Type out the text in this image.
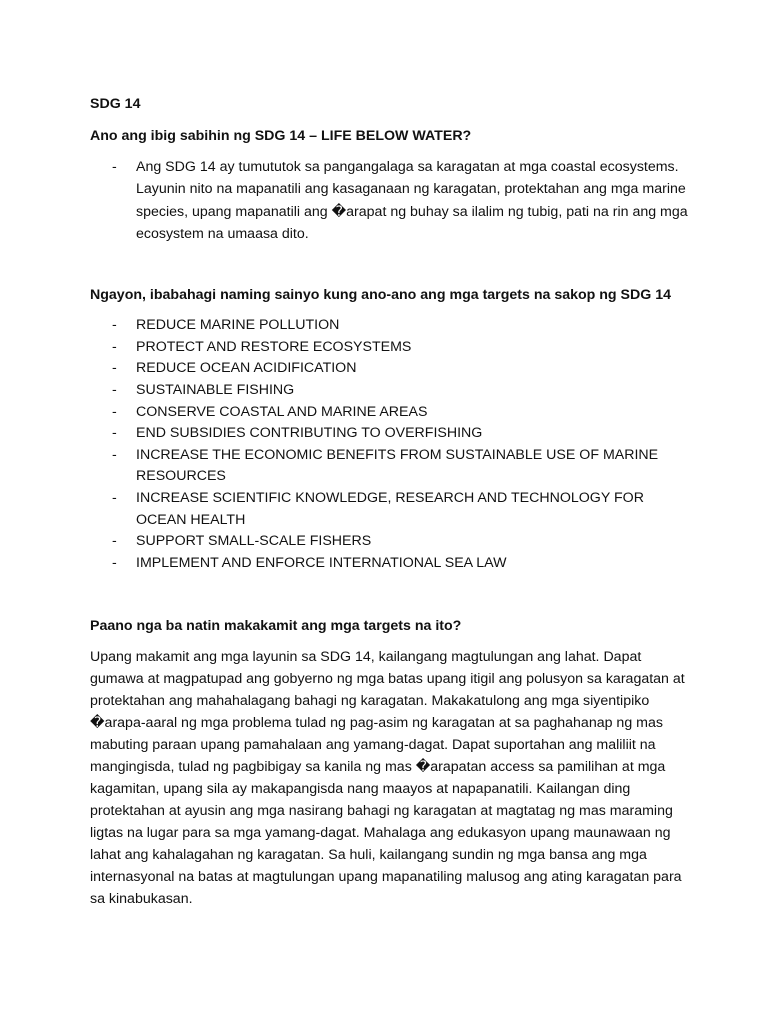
SDG 14

Ano ang ibig sabihin ng SDG 14 – LIFE BELOW WATER?

- Ang SDG 14 ay tumututok sa pangangalaga sa karagatan at mga coastal ecosystems. Layunin nito na mapanatili ang kasaganaan ng karagatan, protektahan ang mga marine species, upang mapanatili ang �arapat ng buhay sa ilalim ng tubig, pati na rin ang mga ecosystem na umaasa dito.

Ngayon, ibabahagi naming sainyo kung ano-ano ang mga targets na sakop ng SDG 14

- REDUCE MARINE POLLUTION
- PROTECT AND RESTORE ECOSYSTEMS
- REDUCE OCEAN ACIDIFICATION
- SUSTAINABLE FISHING
- CONSERVE COASTAL AND MARINE AREAS
- END SUBSIDIES CONTRIBUTING TO OVERFISHING
- INCREASE THE ECONOMIC BENEFITS FROM SUSTAINABLE USE OF MARINE RESOURCES
- INCREASE SCIENTIFIC KNOWLEDGE, RESEARCH AND TECHNOLOGY FOR OCEAN HEALTH
- SUPPORT SMALL-SCALE FISHERS
- IMPLEMENT AND ENFORCE INTERNATIONAL SEA LAW

Paano nga ba natin makakamit ang mga targets na ito?

Upang makamit ang mga layunin sa SDG 14, kailangang magtulungan ang lahat. Dapat gumawa at magpatupad ang gobyerno ng mga batas upang itigil ang polusyon sa karagatan at protektahan ang mahahalagang bahagi ng karagatan. Makakatulong ang mga siyentipiko �arapa-aaral ng mga problema tulad ng pag-asim ng karagatan at sa paghahanap ng mas mabuting paraan upang pamahalaan ang yamang-dagat. Dapat suportahan ang maliliit na mangingisda, tulad ng pagbibigay sa kanila ng mas �arapatan access sa pamilihan at mga kagamitan, upang sila ay makapangisda nang maayos at napapanatili. Kailangan ding protektahan at ayusin ang mga nasirang bahagi ng karagatan at magtatag ng mas maraming ligtas na lugar para sa mga yamang-dagat. Mahalaga ang edukasyon upang maunawaan ng lahat ang kahalagahan ng karagatan. Sa huli, kailangang sundin ng mga bansa ang mga internasyonal na batas at magtulungan upang mapanatiling malusog ang ating karagatan para sa kinabukasan.
